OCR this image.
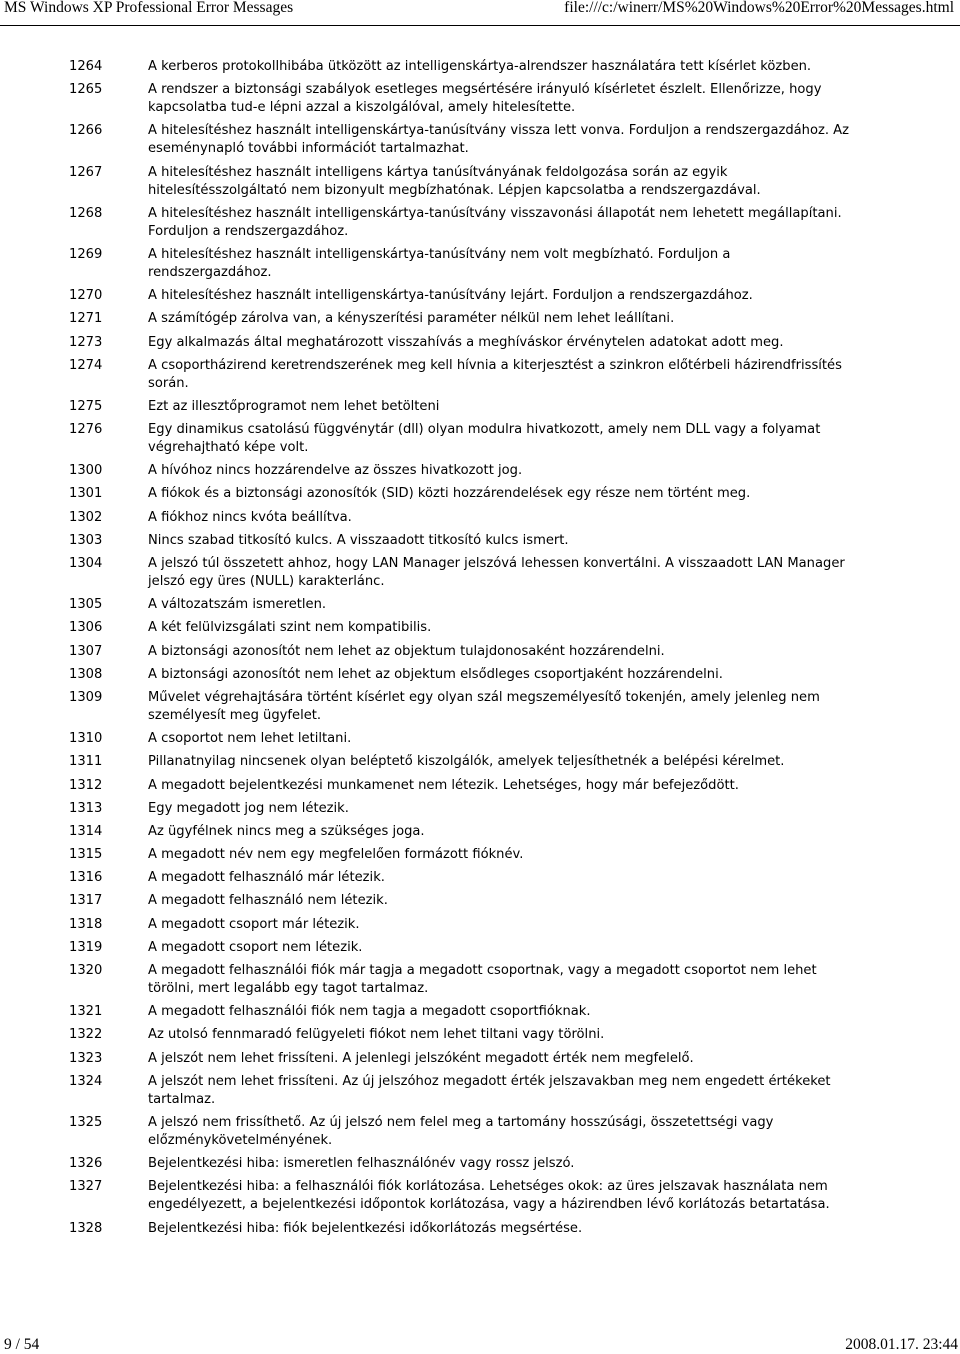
MS Windows XP Professional Error Messages	file:///c:/winerr/MS%20Windows%20Error%20Messages.html
1264	A kerberos protokollhibába ütközött az intelligenskártya-alrendszer használatára tett kísérlet közben.
1265	A rendszer a biztonsági szabályok esetleges megsértésére irányuló kísérletet észlelt. Ellenőrizze, hogy kapcsolatba tud-e lépni azzal a kiszolgálóval, amely hitelesítette.
1266	A hitelesítéshez használt intelligenskártya-tanúsítvány vissza lett vonva. Forduljon a rendszergazdához. Az eseménynapló további információt tartalmazhat.
1267	A hitelesítéshez használt intelligens kártya tanúsítványának feldolgozása során az egyik hitelesítésszolgáltató nem bizonyult megbízhatónak. Lépjen kapcsolatba a rendszergazdával.
1268	A hitelesítéshez használt intelligenskártya-tanúsítvány visszavonási állapotát nem lehetett megállapítani. Forduljon a rendszergazdához.
1269	A hitelesítéshez használt intelligenskártya-tanúsítvány nem volt megbízható. Forduljon a rendszergazdához.
1270	A hitelesítéshez használt intelligenskártya-tanúsítvány lejárt. Forduljon a rendszergazdához.
1271	A számítógép zárolva van, a kényszerítési paraméter nélkül nem lehet leállítani.
1273	Egy alkalmazás által meghatározott visszahívás a meghíváskor érvénytelen adatokat adott meg.
1274	A csoportházirend keretrendszerének meg kell hívnia a kiterjesztést a szinkron előtérbeli házirendfrissítés során.
1275	Ezt az illesztőprogramot nem lehet betölteni
1276	Egy dinamikus csatolású függvénytár (dll) olyan modulra hivatkozott, amely nem DLL vagy a folyamat végrehajtható képe volt.
1300	A hívóhoz nincs hozzárendelve az összes hivatkozott jog.
1301	A fiókok és a biztonsági azonosítók (SID) közti hozzárendelések egy része nem történt meg.
1302	A fiókhoz nincs kvóta beállítva.
1303	Nincs szabad titkosító kulcs. A visszaadott titkosító kulcs ismert.
1304	A jelszó túl összetett ahhoz, hogy LAN Manager jelszóvá lehessen konvertálni. A visszaadott LAN Manager jelszó egy üres (NULL) karakterlánc.
1305	A változatszám ismeretlen.
1306	A két felülvizsgálati szint nem kompatibilis.
1307	A biztonsági azonosítót nem lehet az objektum tulajdonosaként hozzárendelni.
1308	A biztonsági azonosítót nem lehet az objektum elsődleges csoportjaként hozzárendelni.
1309	Művelet végrehajtására történt kísérlet egy olyan szál megszemélyesítő tokenjén, amely jelenleg nem személyesít meg ügyfelet.
1310	A csoportot nem lehet letiltani.
1311	Pillanatnyilag nincsenek olyan beléptető kiszolgálók, amelyek teljesíthetnék a belépési kérelmet.
1312	A megadott bejelentkezési munkamenet nem létezik. Lehetséges, hogy már befejeződött.
1313	Egy megadott jog nem létezik.
1314	Az ügyfélnek nincs meg a szükséges joga.
1315	A megadott név nem egy megfelelően formázott fióknév.
1316	A megadott felhasználó már létezik.
1317	A megadott felhasználó nem létezik.
1318	A megadott csoport már létezik.
1319	A megadott csoport nem létezik.
1320	A megadott felhasználói fiók már tagja a megadott csoportnak, vagy a megadott csoportot nem lehet törölni, mert legalább egy tagot tartalmaz.
1321	A megadott felhasználói fiók nem tagja a megadott csoportfióknak.
1322	Az utolsó fennmaradó felügyeleti fiókot nem lehet tiltani vagy törölni.
1323	A jelszót nem lehet frissíteni. A jelenlegi jelszóként megadott érték nem megfelelő.
1324	A jelszót nem lehet frissíteni. Az új jelszóhoz megadott érték jelszavakban meg nem engedett értékeket tartalmaz.
1325	A jelszó nem frissíthető. Az új jelszó nem felel meg a tartomány hosszúsági, összetettségi vagy előzménykövetelményének.
1326	Bejelentkezési hiba: ismeretlen felhasználónév vagy rossz jelszó.
1327	Bejelentkezési hiba: a felhasználói fiók korlátozása. Lehetséges okok: az üres jelszavak használata nem engedélyezett, a bejelentkezési időpontok korlátozása, vagy a házirendben lévő korlátozás betartatása.
1328	Bejelentkezési hiba: fiók bejelentkezési időkorlátozás megsértése.
9 / 54	2008.01.17. 23:44
